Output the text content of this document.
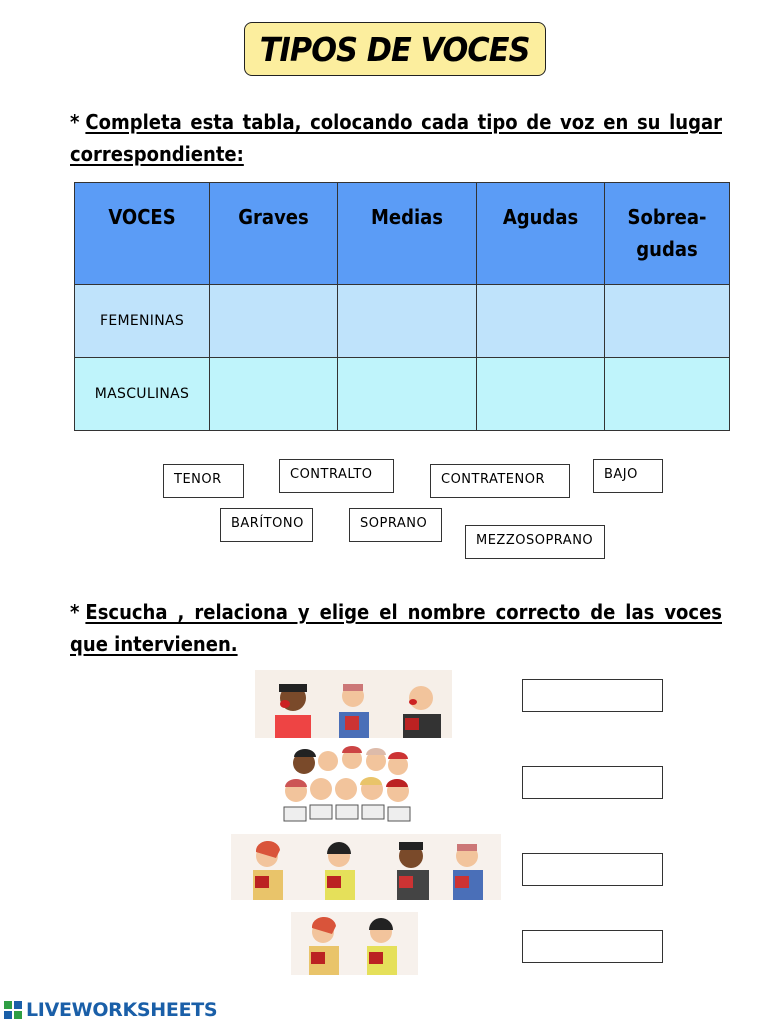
TIPOS DE VOCES
* Completa esta tabla, colocando cada tipo de voz en su lugar correspondiente:
VOCES	Graves	Medias	Agudas	Sobrea-
gudas

FEMENINAS				
MASCULINAS				
TENOR	CONTRALTO	CONTRATENOR	BAJO
BARÍTONO	SOPRANO
MEZZOSOPRANO
* Escucha , relaciona y elige el nombre correcto de las voces que intervienen.
LIVEWORKSHEETS
